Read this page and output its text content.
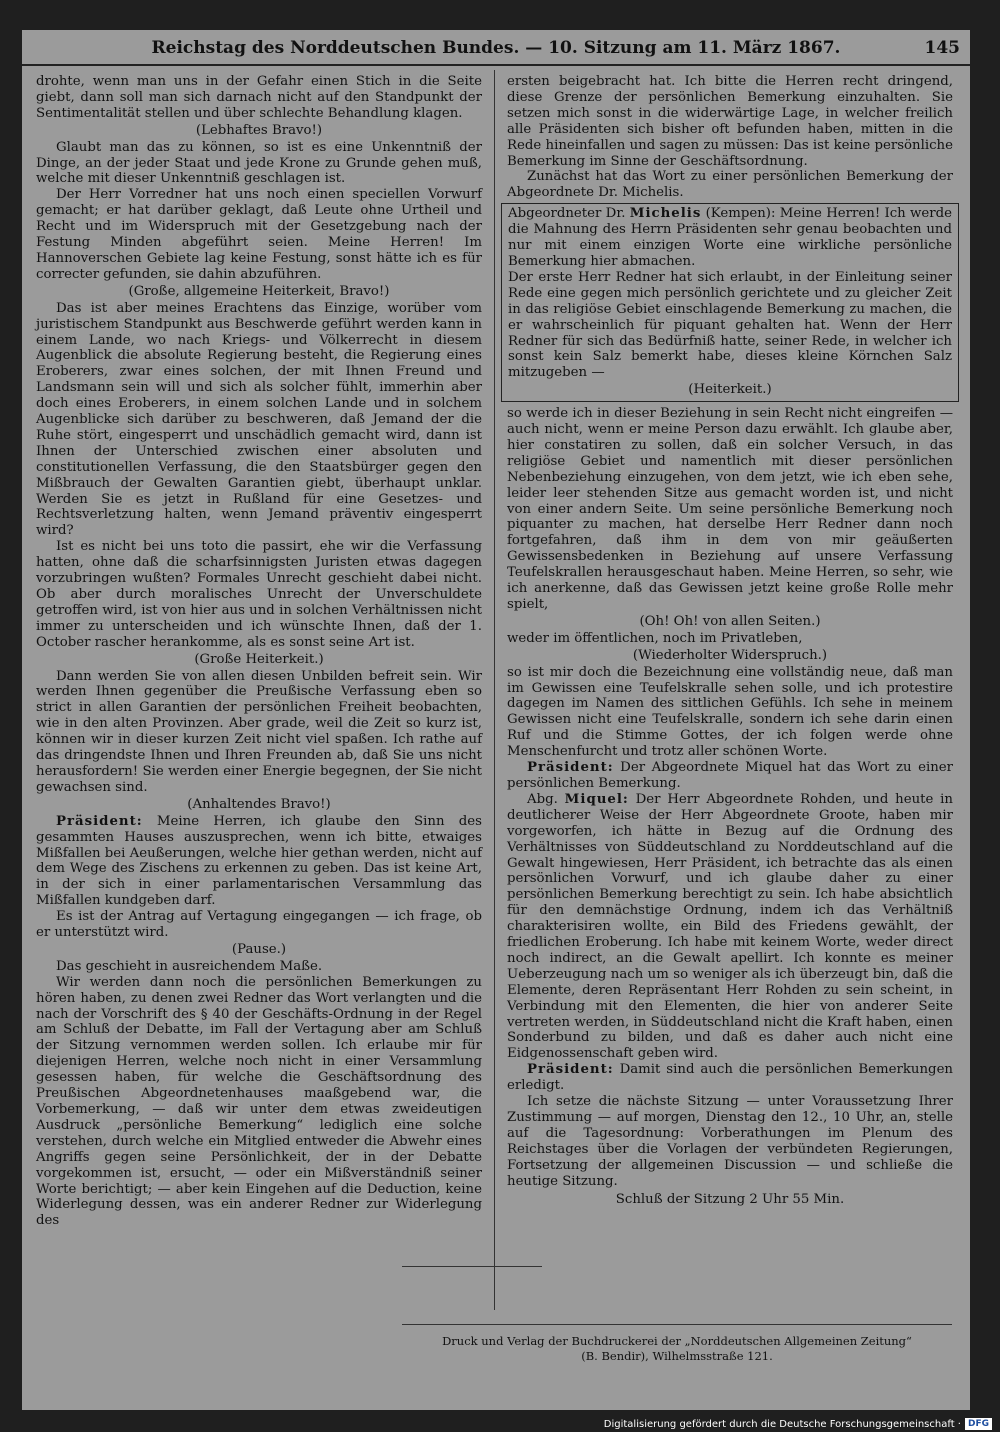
Reichstag des Norddeutschen Bundes. — 10. Sitzung am 11. März 1867.	145

drohte, wenn man uns in der Gefahr einen Stich in die Seite giebt, dann soll man sich darnach nicht auf den Standpunkt der Sentimentalität stellen und über schlechte Behandlung klagen.

(Lebhaftes Bravo!)

Glaubt man das zu können, so ist es eine Unkenntniß der Dinge, an der jeder Staat und jede Krone zu Grunde gehen muß, welche mit dieser Unkenntniß geschlagen ist.

Der Herr Vorredner hat uns noch einen speciellen Vorwurf gemacht; er hat darüber geklagt, daß Leute ohne Urtheil und Recht und im Widerspruch mit der Gesetzgebung nach der Festung Minden abgeführt seien. Meine Herren! Im Hannoverschen Gebiete lag keine Festung, sonst hätte ich es für correcter gefunden, sie dahin abzuführen.

(Große, allgemeine Heiterkeit, Bravo!)

Das ist aber meines Erachtens das Einzige, worüber vom juristischem Standpunkt aus Beschwerde geführt werden kann in einem Lande, wo nach Kriegs- und Völkerrecht in diesem Augenblick die absolute Regierung besteht, die Regierung eines Eroberers, zwar eines solchen, der mit Ihnen Freund und Landsmann sein will und sich als solcher fühlt, immerhin aber doch eines Eroberers, in einem solchen Lande und in solchem Augenblicke sich darüber zu beschweren, daß Jemand der die Ruhe stört, eingesperrt und unschädlich gemacht wird, dann ist Ihnen der Unterschied zwischen einer absoluten und constitutionellen Verfassung, die den Staatsbürger gegen den Mißbrauch der Gewalten Garantien giebt, überhaupt unklar. Werden Sie es jetzt in Rußland für eine Gesetzes- und Rechtsverletzung halten, wenn Jemand präventiv eingesperrt wird?

Ist es nicht bei uns toto die passirt, ehe wir die Verfassung hatten, ohne daß die scharfsinnigsten Juristen etwas dagegen vorzubringen wußten? Formales Unrecht geschieht dabei nicht. Ob aber durch moralisches Unrecht der Unverschuldete getroffen wird, ist von hier aus und in solchen Verhältnissen nicht immer zu unterscheiden und ich wünschte Ihnen, daß der 1. October rascher herankomme, als es sonst seine Art ist.

(Große Heiterkeit.)

Dann werden Sie von allen diesen Unbilden befreit sein. Wir werden Ihnen gegenüber die Preußische Verfassung eben so strict in allen Garantien der persönlichen Freiheit beobachten, wie in den alten Provinzen. Aber grade, weil die Zeit so kurz ist, können wir in dieser kurzen Zeit nicht viel spaßen. Ich rathe auf das dringendste Ihnen und Ihren Freunden ab, daß Sie uns nicht herausfordern! Sie werden einer Energie begegnen, der Sie nicht gewachsen sind.

(Anhaltendes Bravo!)

Präsident: Meine Herren, ich glaube den Sinn des gesammten Hauses auszusprechen, wenn ich bitte, etwaiges Mißfallen bei Aeußerungen, welche hier gethan werden, nicht auf dem Wege des Zischens zu erkennen zu geben. Das ist keine Art, in der sich in einer parlamentarischen Versammlung das Mißfallen kundgeben darf.

Es ist der Antrag auf Vertagung eingegangen — ich frage, ob er unterstützt wird.

(Pause.)

Das geschieht in ausreichendem Maße.

Wir werden dann noch die persönlichen Bemerkungen zu hören haben, zu denen zwei Redner das Wort verlangten und die nach der Vorschrift des § 40 der Geschäfts-Ordnung in der Regel am Schluß der Debatte, im Fall der Vertagung aber am Schluß der Sitzung vernommen werden sollen. Ich erlaube mir für diejenigen Herren, welche noch nicht in einer Versammlung gesessen haben, für welche die Geschäftsordnung des Preußischen Abgeordnetenhauses maaßgebend war, die Vorbemerkung, — daß wir unter dem etwas zweideutigen Ausdruck „persönliche Bemerkung“ lediglich eine solche verstehen, durch welche ein Mitglied entweder die Abwehr eines Angriffs gegen seine Persönlichkeit, der in der Debatte vorgekommen ist, ersucht, — oder ein Mißverständniß seiner Worte berichtigt; — aber kein Eingehen auf die Deduction, keine Widerlegung dessen, was ein anderer Redner zur Widerlegung des

ersten beigebracht hat. Ich bitte die Herren recht dringend, diese Grenze der persönlichen Bemerkung einzuhalten. Sie setzen mich sonst in die widerwärtige Lage, in welcher freilich alle Präsidenten sich bisher oft befunden haben, mitten in die Rede hineinfallen und sagen zu müssen: Das ist keine persönliche Bemerkung im Sinne der Geschäftsordnung.

Zunächst hat das Wort zu einer persönlichen Bemerkung der Abgeordnete Dr. Michelis.

Abgeordneter Dr. Michelis (Kempen): Meine Herren! Ich werde die Mahnung des Herrn Präsidenten sehr genau beobachten und nur mit einem einzigen Worte eine wirkliche persönliche Bemerkung hier abmachen.

Der erste Herr Redner hat sich erlaubt, in der Einleitung seiner Rede eine gegen mich persönlich gerichtete und zu gleicher Zeit in das religiöse Gebiet einschlagende Bemerkung zu machen, die er wahrscheinlich für piquant gehalten hat. Wenn der Herr Redner für sich das Bedürfniß hatte, seiner Rede, in welcher ich sonst kein Salz bemerkt habe, dieses kleine Körnchen Salz mitzugeben —

(Heiterkeit.)

so werde ich in dieser Beziehung in sein Recht nicht eingreifen — auch nicht, wenn er meine Person dazu erwählt. Ich glaube aber, hier constatiren zu sollen, daß ein solcher Versuch, in das religiöse Gebiet und namentlich mit dieser persönlichen Nebenbeziehung einzugehen, von dem jetzt, wie ich eben sehe, leider leer stehenden Sitze aus gemacht worden ist, und nicht von einer andern Seite. Um seine persönliche Bemerkung noch piquanter zu machen, hat derselbe Herr Redner dann noch fortgefahren, daß ihm in dem von mir geäußerten Gewissensbedenken in Beziehung auf unsere Verfassung Teufelskrallen herausgeschaut haben. Meine Herren, so sehr, wie ich anerkenne, daß das Gewissen jetzt keine große Rolle mehr spielt,

(Oh! Oh! von allen Seiten.)

weder im öffentlichen, noch im Privatleben,

(Wiederholter Widerspruch.)

so ist mir doch die Bezeichnung eine vollständig neue, daß man im Gewissen eine Teufelskralle sehen solle, und ich protestire dagegen im Namen des sittlichen Gefühls. Ich sehe in meinem Gewissen nicht eine Teufelskralle, sondern ich sehe darin einen Ruf und die Stimme Gottes, der ich folgen werde ohne Menschenfurcht und trotz aller schönen Worte.

Präsident: Der Abgeordnete Miquel hat das Wort zu einer persönlichen Bemerkung.

Abg. Miquel: Der Herr Abgeordnete Rohden, und heute in deutlicherer Weise der Herr Abgeordnete Groote, haben mir vorgeworfen, ich hätte in Bezug auf die Ordnung des Verhältnisses von Süddeutschland zu Norddeutschland auf die Gewalt hingewiesen, Herr Präsident, ich betrachte das als einen persönlichen Vorwurf, und ich glaube daher zu einer persönlichen Bemerkung berechtigt zu sein. Ich habe absichtlich für den demnächstige Ordnung, indem ich das Verhältniß charakterisiren wollte, ein Bild des Friedens gewählt, der friedlichen Eroberung. Ich habe mit keinem Worte, weder direct noch indirect, an die Gewalt apellirt. Ich konnte es meiner Ueberzeugung nach um so weniger als ich überzeugt bin, daß die Elemente, deren Repräsentant Herr Rohden zu sein scheint, in Verbindung mit den Elementen, die hier von anderer Seite vertreten werden, in Süddeutschland nicht die Kraft haben, einen Sonderbund zu bilden, und daß es daher auch nicht eine Eidgenossenschaft geben wird.

Präsident: Damit sind auch die persönlichen Bemerkungen erledigt.

Ich setze die nächste Sitzung — unter Voraussetzung Ihrer Zustimmung — auf morgen, Dienstag den 12., 10 Uhr, an, stelle auf die Tagesordnung: Vorberathungen im Plenum des Reichstages über die Vorlagen der verbündeten Regierungen, Fortsetzung der allgemeinen Discussion — und schließe die heutige Sitzung.

Schluß der Sitzung 2 Uhr 55 Min.

Druck und Verlag der Buchdruckerei der „Norddeutschen Allgemeinen Zeitung“
(B. Bendir), Wilhelmsstraße 121.
Digitalisierung gefördert durch die Deutsche Forschungsgemeinschaft · DFG
